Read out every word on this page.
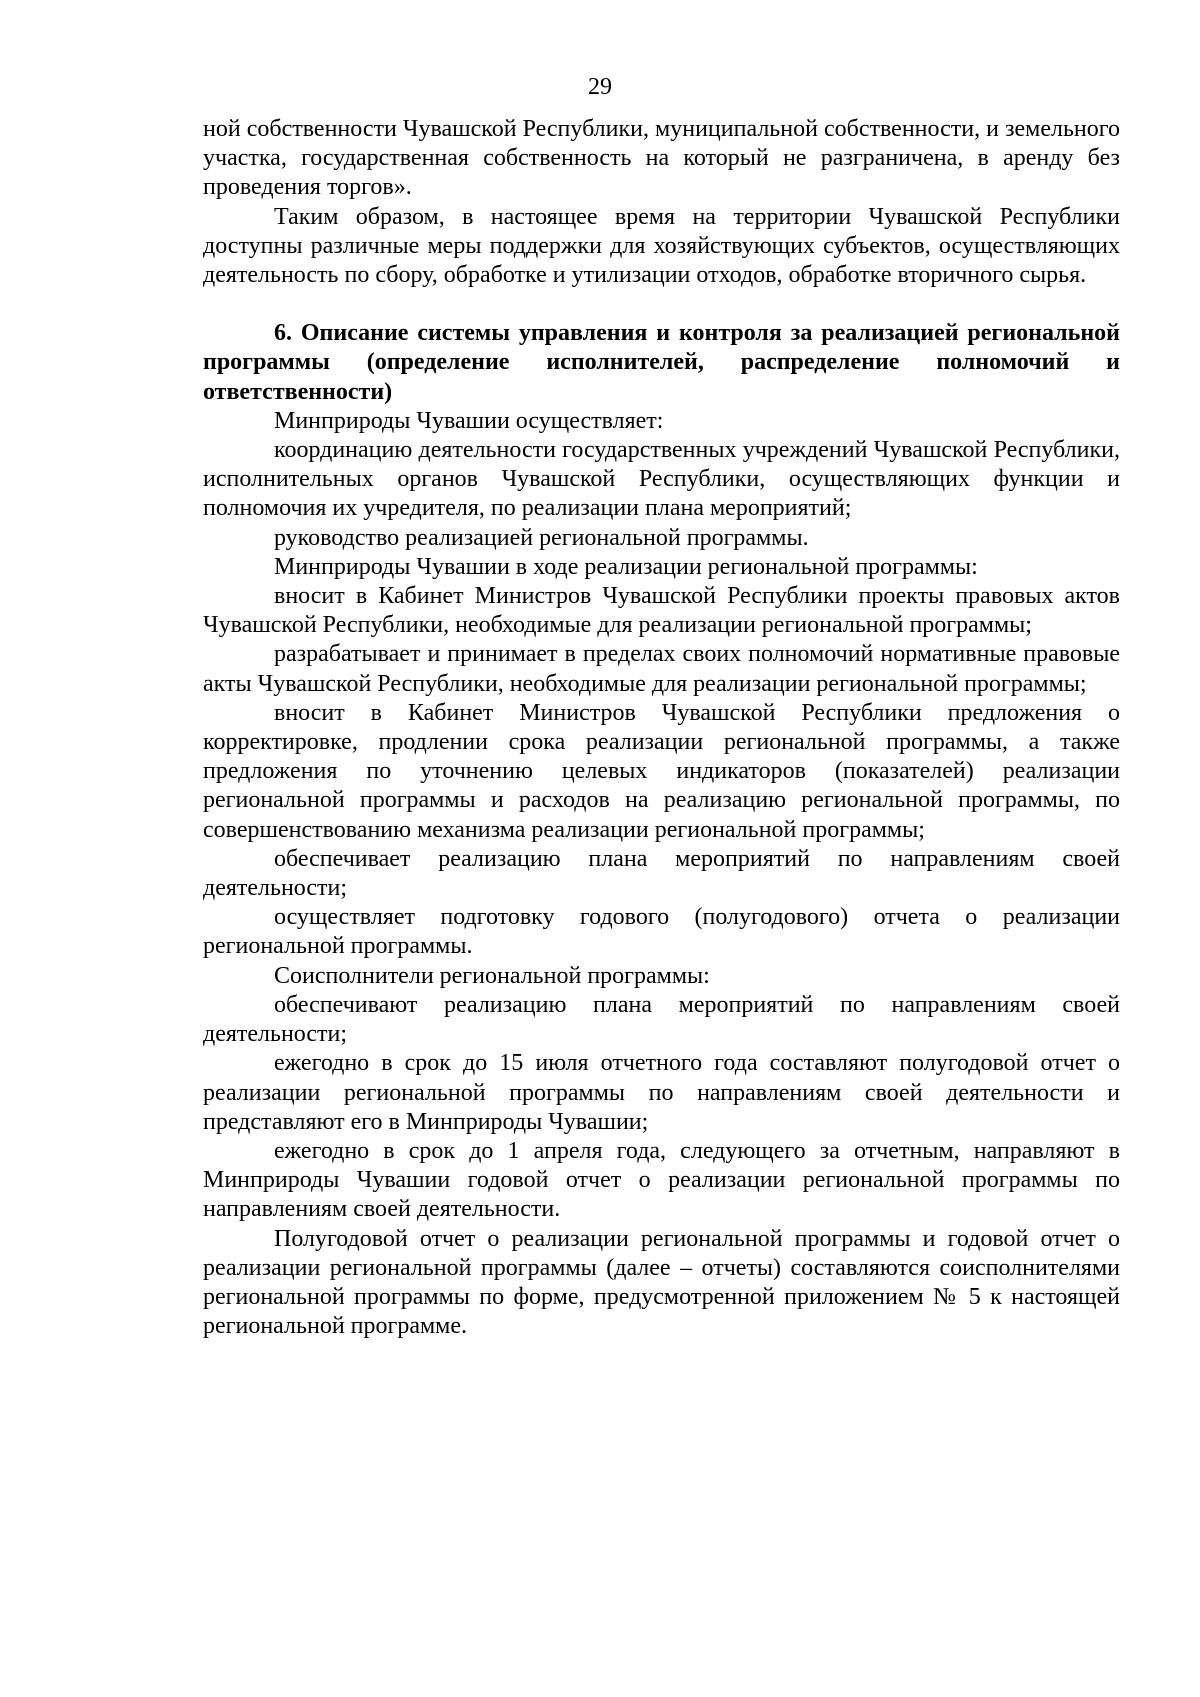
29

ной собственности Чувашской Республики, муниципальной собственности, и земельного участка, государственная собственность на который не разграничена, в аренду без проведения торгов».

Таким образом, в настоящее время на территории Чувашской Республики доступны различные меры поддержки для хозяйствующих субъектов, осуществляющих деятельность по сбору, обработке и утилизации отходов, обработке вторичного сырья.

6. Описание системы управления и контроля за реализацией региональной программы (определение исполнителей, распределение полномочий и ответственности)

Минприроды Чувашии осуществляет:

координацию деятельности государственных учреждений Чувашской Республики, исполнительных органов Чувашской Республики, осуществляющих функции и полномочия их учредителя, по реализации плана мероприятий;

руководство реализацией региональной программы.

Минприроды Чувашии в ходе реализации региональной программы:

вносит в Кабинет Министров Чувашской Республики проекты правовых актов Чувашской Республики, необходимые для реализации региональной программы;

разрабатывает и принимает в пределах своих полномочий нормативные правовые акты Чувашской Республики, необходимые для реализации региональной программы;

вносит в Кабинет Министров Чувашской Республики предложения о корректировке, продлении срока реализации региональной программы, а также предложения по уточнению целевых индикаторов (показателей) реализации региональной программы и расходов на реализацию региональной программы, по совершенствованию механизма реализации региональной программы;

обеспечивает реализацию плана мероприятий по направлениям своей деятельности;

осуществляет подготовку годового (полугодового) отчета о реализации региональной программы.

Соисполнители региональной программы:

обеспечивают реализацию плана мероприятий по направлениям своей деятельности;

ежегодно в срок до 15 июля отчетного года составляют полугодовой отчет о реализации региональной программы по направлениям своей деятельности и представляют его в Минприроды Чувашии;

ежегодно в срок до 1 апреля года, следующего за отчетным, направляют в Минприроды Чувашии годовой отчет о реализации региональной программы по направлениям своей деятельности.

Полугодовой отчет о реализации региональной программы и годовой отчет о реализации региональной программы (далее – отчеты) составляются соисполнителями региональной программы по форме, предусмотренной приложением № 5 к настоящей региональной программе.
